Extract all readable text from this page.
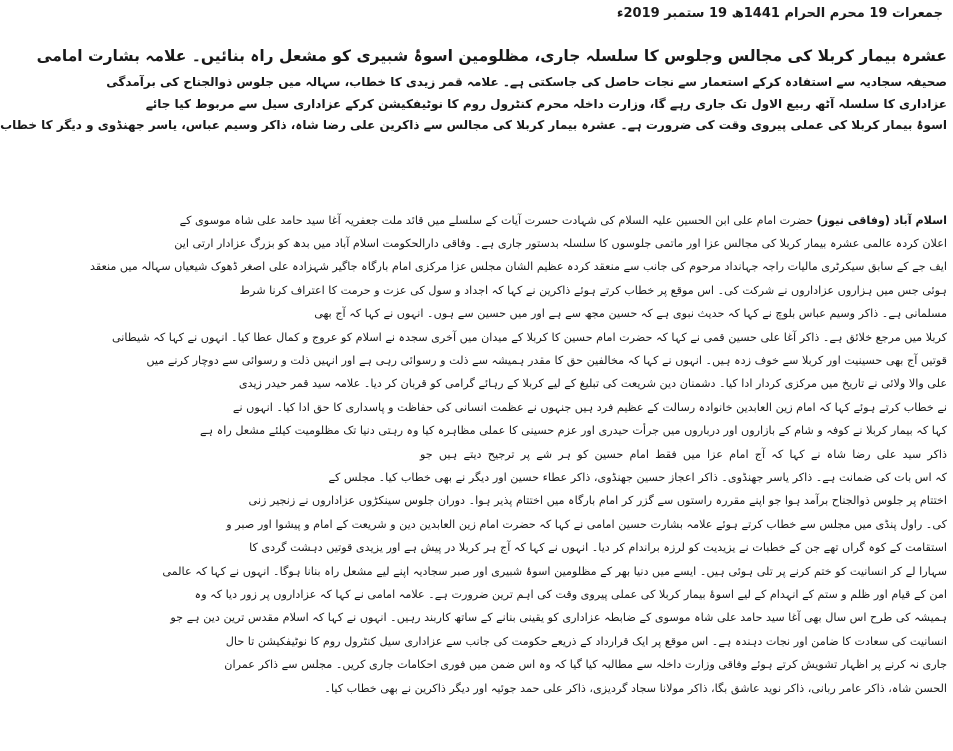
جمعرات 19 محرم الحرام 1441ھ 19 ستمبر 2019ء
عشرہ بیمار کربلا کی مجالس وجلوس کا سلسلہ جاری، مظلومین اسوۂ شبیری کو مشعل راہ بنائیں۔ علامہ بشارت امامی
صحیفہ سجادیہ سے استفادہ کرکے استعمار سے نجات حاصل کی جاسکتی ہے۔ علامہ قمر زیدی کا خطاب، سہالہ میں جلوس ذوالجناح کی برآمدگی
عزاداری کا سلسلہ آٹھ ربیع الاول تک جاری رہے گا، وزارت داخلہ محرم کنٹرول روم کا نوٹیفکیشن کرکے عزاداری سیل سے مربوط کیا جائے
اسوۂ بیمار کربلا کی عملی پیروی وقت کی ضرورت ہے۔ عشرہ بیمار کربلا کی مجالس سے ذاکرین علی رضا شاہ، ذاکر وسیم عباس، یاسر جھنڈوی و دیگر کا خطاب
اسلام آباد (وفاقی نیوز) حضرت امام علی ابن الحسین علیہ السلام کی شہادت حسرت آیات کے سلسلے میں قائد ملت جعفریہ آغا سید حامد علی شاہ موسوی کے
اعلان کردہ عالمی عشرہ بیمار کربلا کی مجالس عزا اور ماتمی جلوسوں کا سلسلہ بدستور جاری ہے۔ وفاقی دارالحکومت اسلام آباد میں بدھ کو بزرگ عزادار ارتی این
ایف جے کے سابق سیکرٹری مالیات راجہ جہانداد مرحوم کی جانب سے منعقد کردہ عظیم الشان مجلس عزا مرکزی امام بارگاہ جاگیر شہزادہ علی اصغر ڈھوک شیعیاں سہالہ میں منعقد
ہوئی جس میں ہزاروں عزاداروں نے شرکت کی۔ اس موقع پر خطاب کرتے ہوئے ذاکرین نے کہا کہ اجداد و سول کی عزت و حرمت کا اعتراف کرنا شرط
مسلمانی ہے۔ ذاکر وسیم عباس بلوچ نے کہا کہ حدیث نبوی ہے کہ حسین مجھ سے ہے اور میں حسین سے ہوں۔ انہوں نے کہا کہ آج بھی
کربلا میں مرجع خلائق ہے۔ ذاکر آغا علی حسین قمی نے کہا کہ حضرت امام حسین کا کربلا کے میدان میں آخری سجدہ نے اسلام کو عروج و کمال عطا کیا۔ انہوں نے کہا کہ شیطانی
قوتیں آج بھی حسینیت اور کربلا سے خوف زدہ ہیں۔ انہوں نے کہا کہ مخالفین حق کا مقدر ہمیشہ سے ذلت و رسوائی رہی ہے اور انہیں ذلت و رسوائی سے دوچار کرنے میں
علی والا ولائی نے تاریخ میں مرکزی کردار ادا کیا۔ دشمنان دین شریعت کی تبلیغ کے لیے کربلا کے رہائے گرامی کو قربان کر دیا۔ علامہ سید قمر حیدر زیدی
نے خطاب کرتے ہوئے کہا کہ امام زین العابدین خانوادہ رسالت کے عظیم فرد ہیں جنہوں نے عظمت انسانی کی حفاظت و پاسداری کا حق ادا کیا۔ انہوں نے
کہا کہ بیمار کربلا نے کوفہ و شام کے بازاروں اور درباروں میں جرأت حیدری اور عزم حسینی کا عملی مظاہرہ کیا وہ رہتی دنیا تک مظلومیت کیلئے مشعل راہ ہے
ذاکر سید علی رضا شاہ نے کہا کہ آج امام عزا میں فقط امام حسین کو ہر شے پر ترجیح دیتے ہیں جو
کہ اس بات کی ضمانت ہے۔ ذاکر یاسر جھنڈوی۔ ذاکر اعجاز حسین جھنڈوی، ذاکر عطاء حسین اور دیگر نے بھی خطاب کیا۔ مجلس کے
اختتام پر جلوس ذوالجناح برآمد ہوا جو اپنے مقررہ راستوں سے گزر کر امام بارگاہ میں اختتام پذیر ہوا۔ دوران جلوس سینکڑوں عزاداروں نے زنجیر زنی
کی۔ راول پنڈی میں مجلس سے خطاب کرتے ہوئے علامہ بشارت حسین امامی نے کہا کہ حضرت امام زین العابدین دین و شریعت کے امام و پیشوا اور صبر و
استقامت کے کوہ گراں تھے جن کے خطبات نے یزیدیت کو لرزہ براندام کر دیا۔ انہوں نے کہا کہ آج ہر کربلا در پیش ہے اور یزیدی قوتیں دہشت گردی کا
سہارا لے کر انسانیت کو ختم کرنے پر تلی ہوئی ہیں۔ ایسے میں دنیا بھر کے مظلومین اسوۂ شبیری اور صبر سجادیہ اپنے لیے مشعل راہ بنانا ہوگا۔ انہوں نے کہا کہ عالمی
امن کے قیام اور ظلم و ستم کے انہدام کے لیے اسوۂ بیمار کربلا کی عملی پیروی وقت کی اہم ترین ضرورت ہے۔ علامہ امامی نے کہا کہ عزاداروں پر زور دیا کہ وہ
ہمیشہ کی طرح اس سال بھی آغا سید حامد علی شاہ موسوی کے ضابطہ عزاداری کو یقینی بنانے کے ساتھ کاربند رہیں۔ انہوں نے کہا کہ اسلام مقدس ترین دین ہے جو
انسانیت کی سعادت کا ضامن اور نجات دہندہ ہے۔ اس موقع پر ایک قرارداد کے ذریعے حکومت کی جانب سے عزاداری سیل کنٹرول روم کا نوٹیفکیشن تا حال
جاری نہ کرنے پر اظہار تشویش کرتے ہوئے وفاقی وزارت داخلہ سے مطالبہ کیا گیا کہ وہ اس ضمن میں فوری احکامات جاری کریں۔ مجلس سے ذاکر عمران
الحسن شاہ، ذاکر عامر ربانی، ذاکر نوید عاشق بگا، ذاکر مولانا سجاد گردیزی، ذاکر علی حمد جوئیہ اور دیگر ذاکرین نے بھی خطاب کیا۔
